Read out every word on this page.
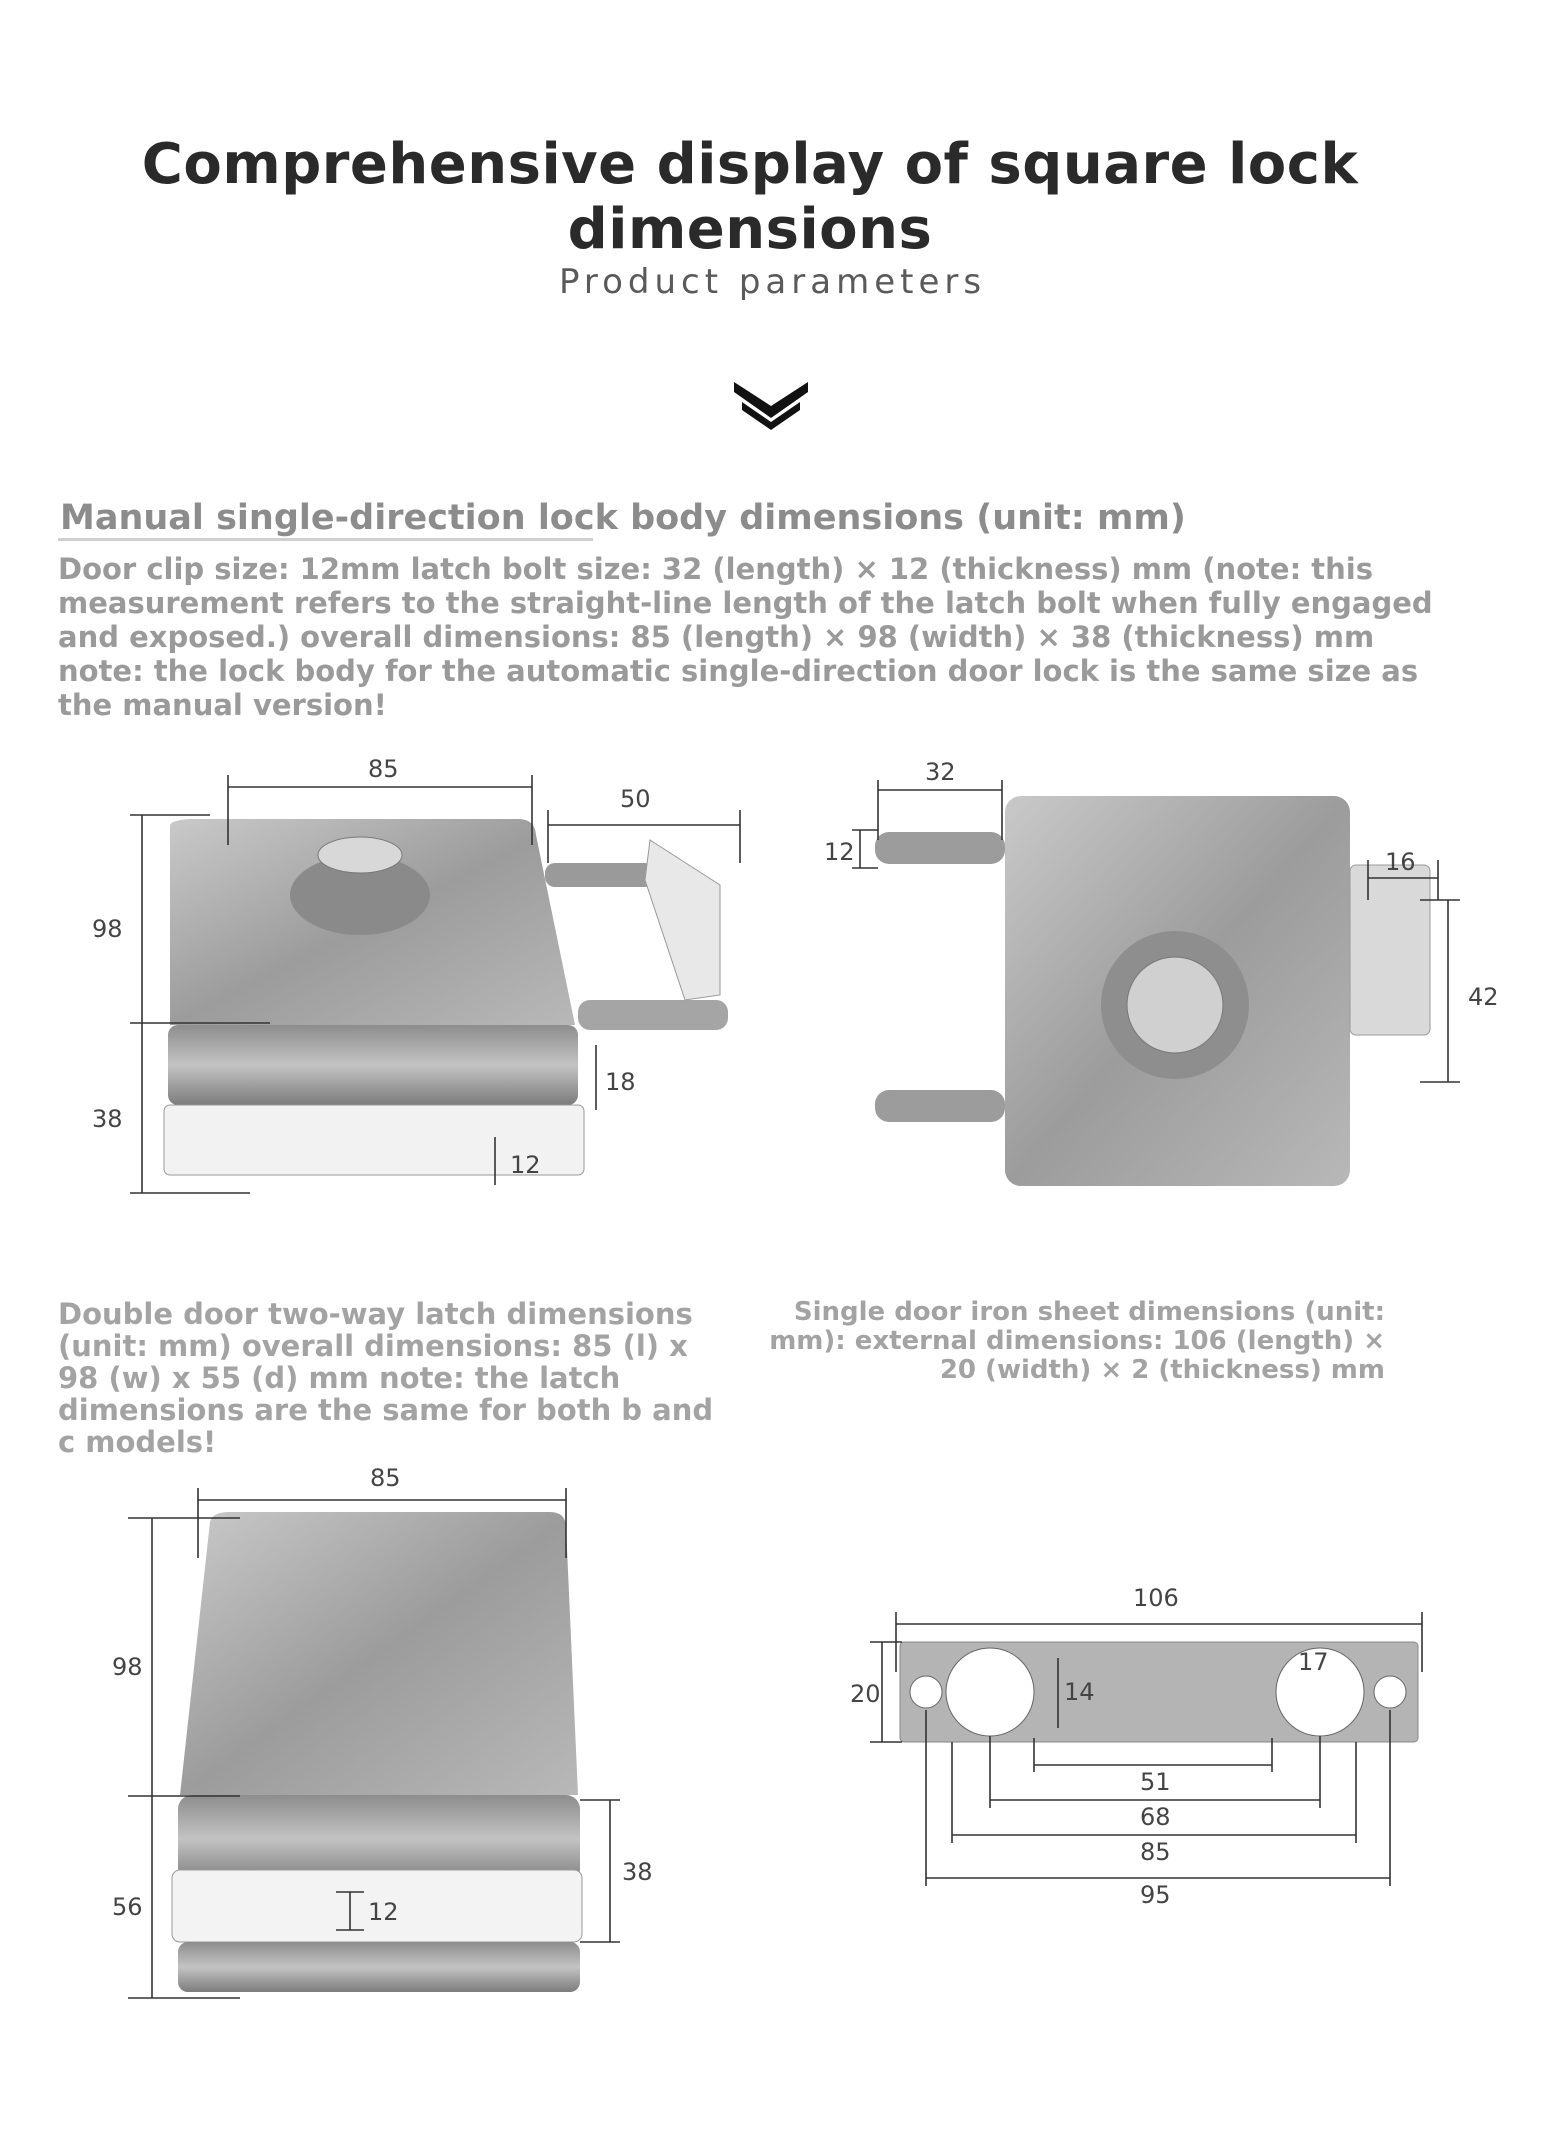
Comprehensive display of square lock dimensions
Product parameters
Manual single-direction lock body dimensions (unit: mm)

Door clip size: 12mm latch bolt size: 32 (length) × 12 (thickness) mm (note: this measurement refers to the straight-line length of the latch bolt when fully engaged and exposed.) overall dimensions: 85 (length) × 98 (width) × 38 (thickness) mm note: the lock body for the automatic single-direction door lock is the same size as the manual version!

85
50
98
38
18
12
32
12	16
42

Double door two-way latch dimensions (unit: mm) overall dimensions: 85 (l) x 98 (w) x 55 (d) mm note: the latch dimensions are the same for both b and c models!

Single door iron sheet dimensions (unit: mm): external dimensions: 106 (length) × 20 (width) × 2 (thickness) mm

85
98
56
38
12
106
20	14
17
51
68
85
95
